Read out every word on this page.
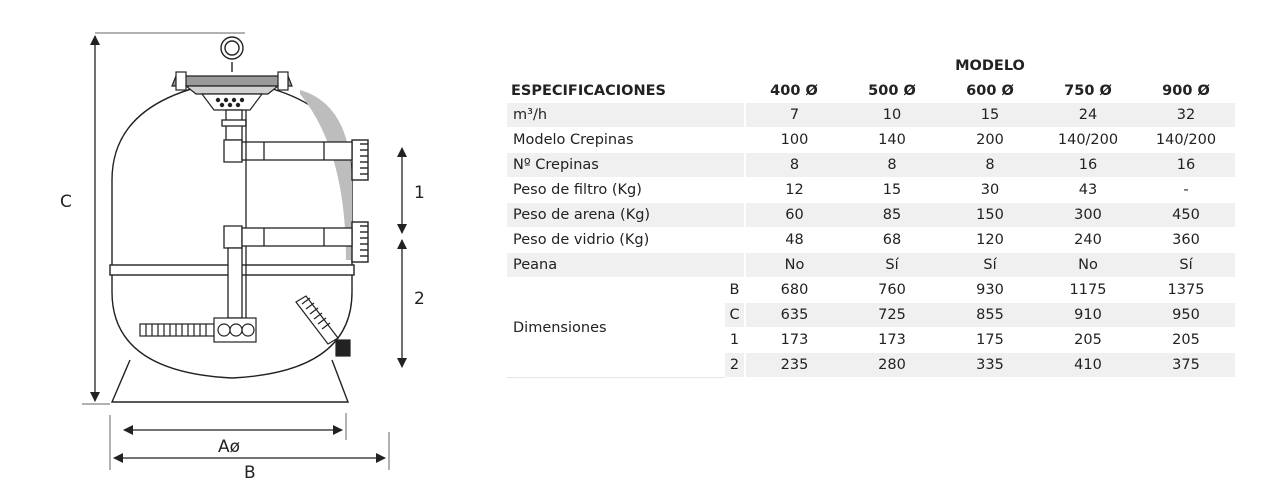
C	1
2
Aø
B
		MODELO				
ESPECIFICACIONES		400 Ø	500 Ø	600 Ø	750 Ø	900 Ø
m³/h		7	10	15	24	32
Modelo Crepinas		100	140	200	140/200	140/200
Nº Crepinas		8	8	8	16	16
Peso de filtro (Kg)		12	15	30	43	-
Peso de arena (Kg)		60	85	150	300	450
Peso de vidrio (Kg)		48	68	120	240	360
Peana		No	Sí	Sí	No	Sí
Dimensiones	B	680	760	930	1175	1375
	C	635	725	855	910	950
	1	173	173	175	205	205
	2	235	280	335	410	375
